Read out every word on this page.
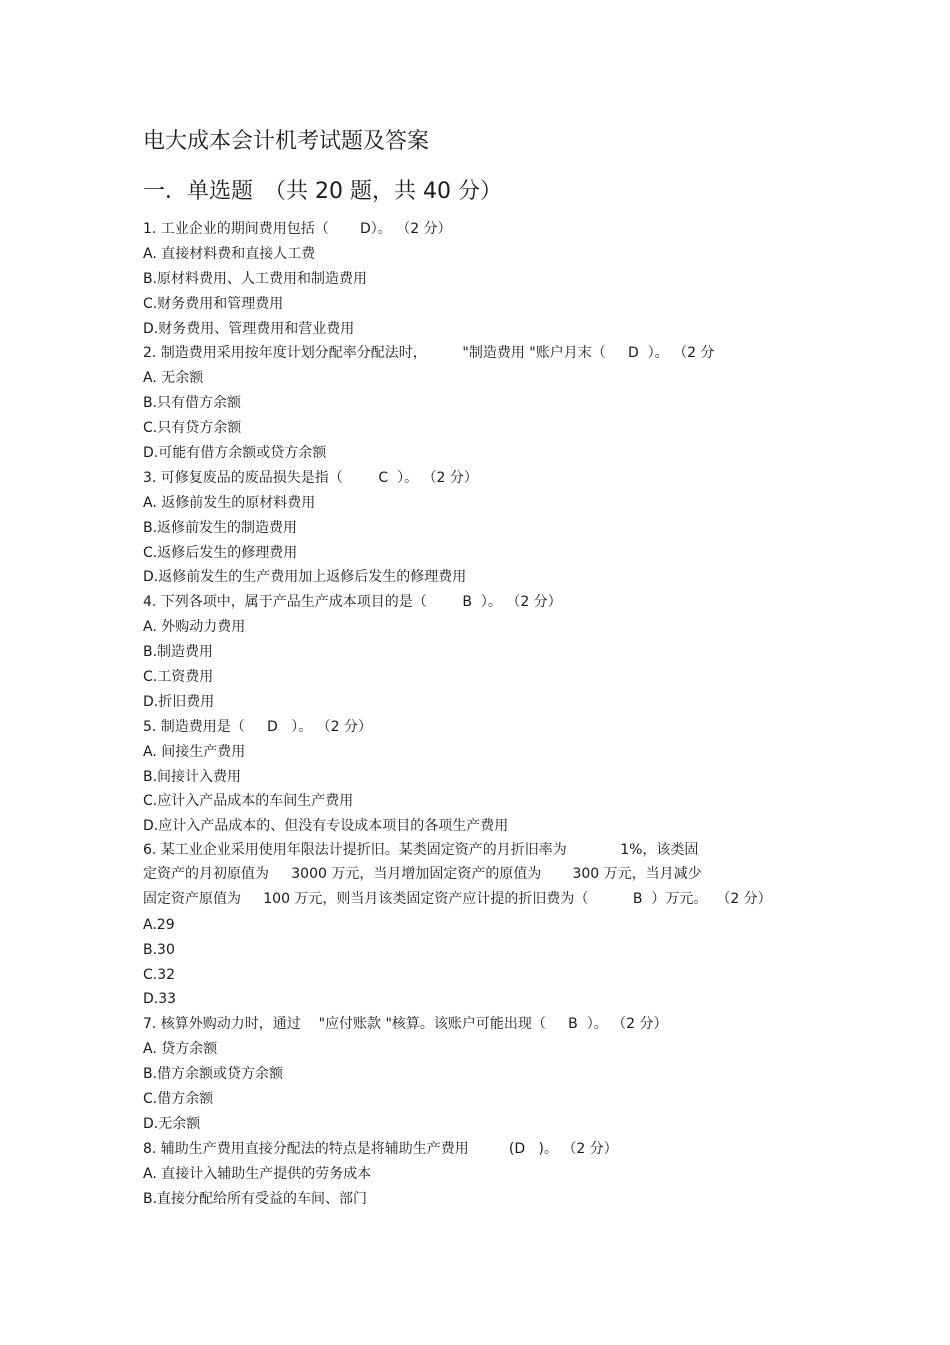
电大成本会计机考试题及答案
一．单选题　（共 20 题，共 40 分）
1. 工业企业的期间费用包括（       D）。 （2 分）
A. 直接材料费和直接人工费
B.原材料费用、人工费用和制造费用
C.财务费用和管理费用
D.财务费用、管理费用和营业费用
2. 制造费用采用按年度计划分配率分配法时，        "制造费用 "账户月末（     D  ）。 （2 分
A. 无余额
B.只有借方余额
C.只有贷方余额
D.可能有借方余额或贷方余额
3. 可修复废品的废品损失是指（        C  ）。 （2 分）
A. 返修前发生的原材料费用
B.返修前发生的制造费用
C.返修后发生的修理费用
D.返修前发生的生产费用加上返修后发生的修理费用
4. 下列各项中，属于产品生产成本项目的是（        B  ）。 （2 分）
A. 外购动力费用
B.制造费用
C.工资费用
D.折旧费用
5. 制造费用是（     D   ）。 （2 分）
A. 间接生产费用
B.间接计入费用
C.应计入产品成本的车间生产费用
D.应计入产品成本的、但没有专设成本项目的各项生产费用
6. 某工业企业采用使用年限法计提折旧。某类固定资产的月折旧率为            1%，该类固
定资产的月初原值为     3000 万元，当月增加固定资产的原值为       300 万元，当月减少
固定资产原值为     100 万元，则当月该类固定资产应计提的折旧费为（          B  ）万元。  （2 分）
A.29
B.30
C.32
D.33
7. 核算外购动力时，通过    "应付账款 "核算。该账户可能出现（     B  ）。 （2 分）
A. 贷方余额
B.借方余额或贷方余额
C.借方余额
D.无余额
8. 辅助生产费用直接分配法的特点是将辅助生产费用         (D   )。 （2 分）
A. 直接计入辅助生产提供的劳务成本
B.直接分配给所有受益的车间、部门
